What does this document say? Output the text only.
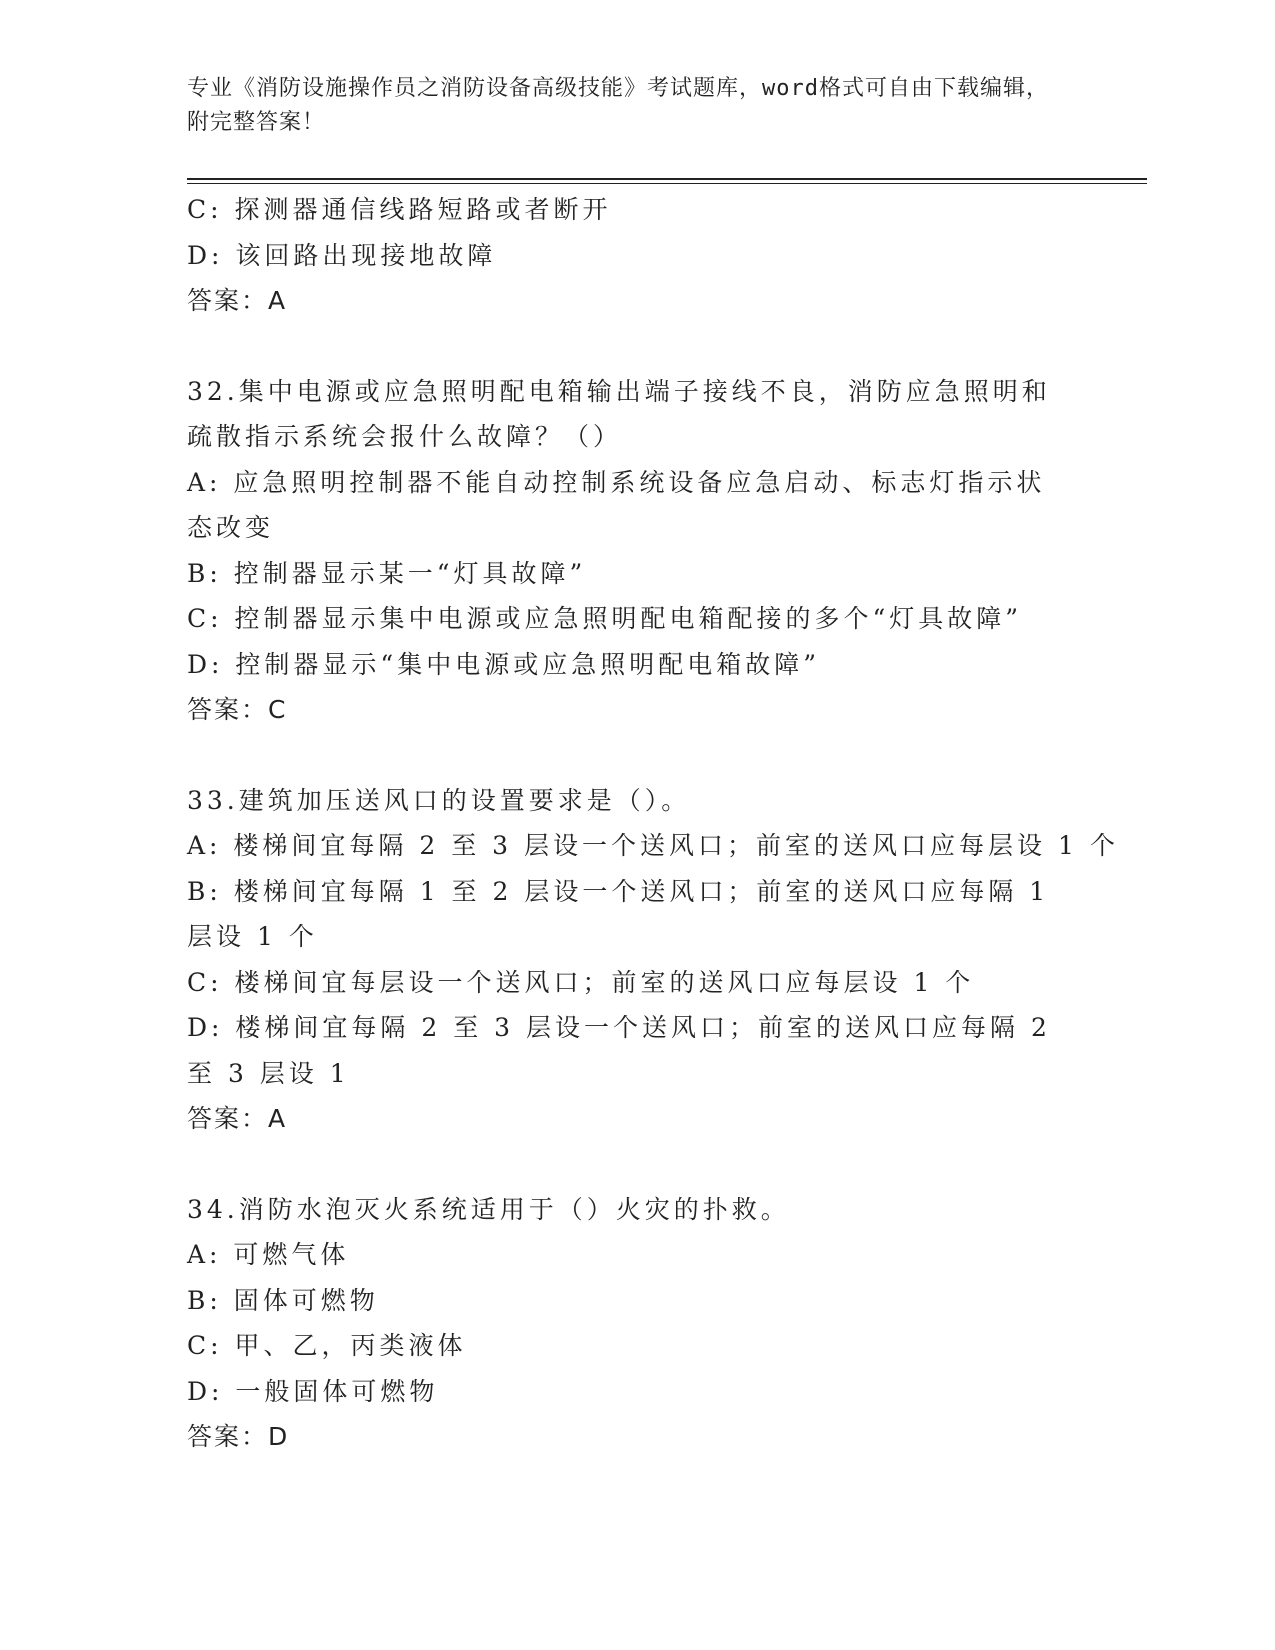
专业《消防设施操作员之消防设备高级技能》考试题库，word格式可自由下载编辑，附完整答案！
C: 探测器通信线路短路或者断开
D: 该回路出现接地故障
答案：A
32.集中电源或应急照明配电箱输出端子接线不良，消防应急照明和疏散指示系统会报什么故障？（）
A: 应急照明控制器不能自动控制系统设备应急启动、标志灯指示状态改变
B: 控制器显示某一“灯具故障”
C: 控制器显示集中电源或应急照明配电箱配接的多个“灯具故障”
D: 控制器显示“集中电源或应急照明配电箱故障”
答案：C
33.建筑加压送风口的设置要求是（）。
A: 楼梯间宜每隔 2 至 3 层设一个送风口；前室的送风口应每层设 1 个
B: 楼梯间宜每隔 1 至 2 层设一个送风口；前室的送风口应每隔 1 层设 1 个
C: 楼梯间宜每层设一个送风口；前室的送风口应每层设 1 个
D: 楼梯间宜每隔 2 至 3 层设一个送风口；前室的送风口应每隔 2 至 3 层设 1
答案：A
34.消防水泡灭火系统适用于（）火灾的扑救。
A: 可燃气体
B: 固体可燃物
C: 甲、乙，丙类液体
D: 一般固体可燃物
答案：D
